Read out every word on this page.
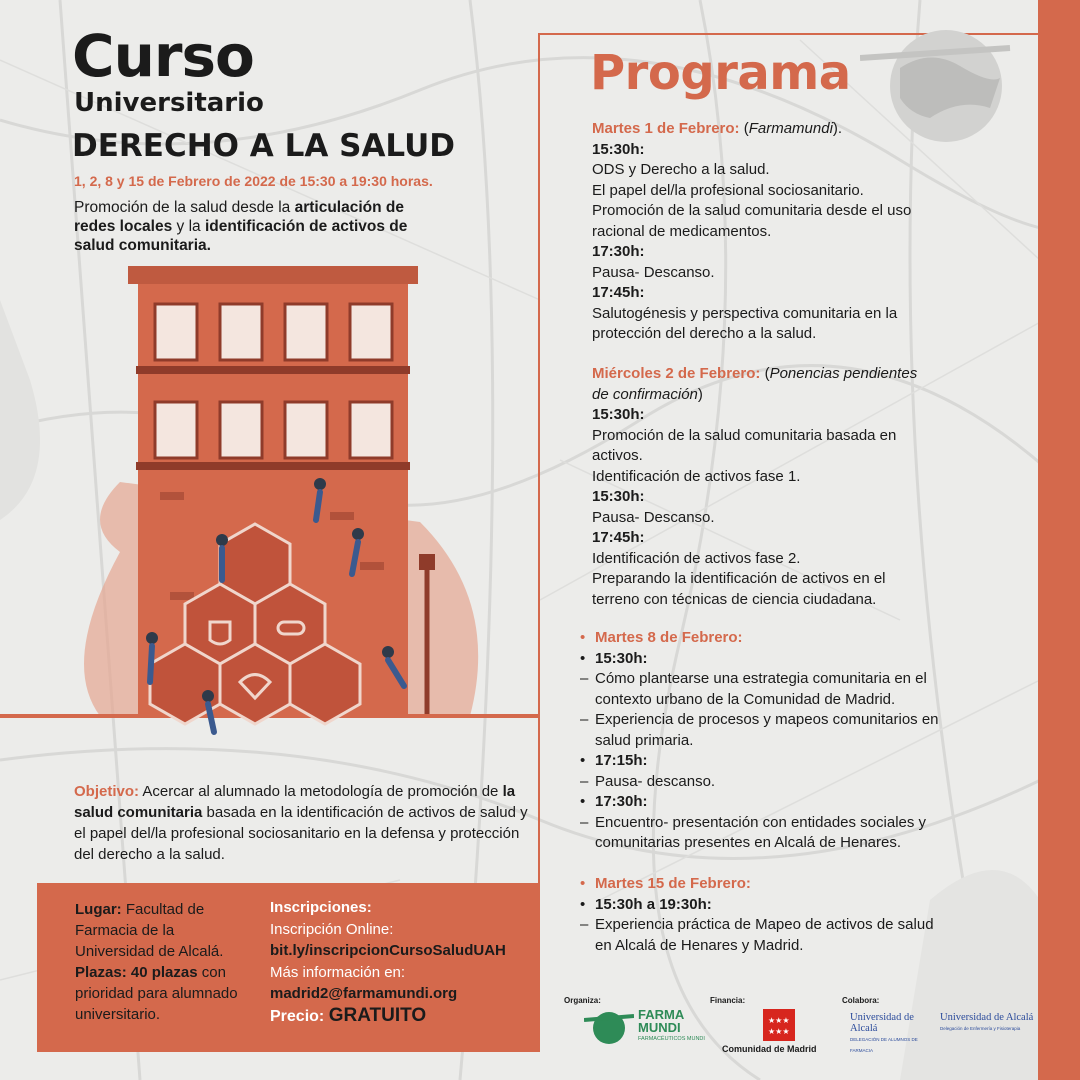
Curso
Universitario
DERECHO A LA SALUD
1, 2, 8 y 15 de Febrero de 2022 de 15:30 a 19:30 horas.
Promoción de la salud desde la articulación de redes locales y la identificación de activos de salud comunitaria.
Objetivo: Acercar al alumnado la metodología de promoción de la salud comunitaria basada en la identificación de activos de salud y el papel del/la profesional sociosanitario en la defensa y protección del derecho a la salud.
Lugar: Facultad de Farmacia de la Universidad de Alcalá.
Plazas: 40 plazas con prioridad para alumnado universitario.
Inscripciones:
Inscripción Online:
bit.ly/inscripcionCursoSaludUAH
Más información en:
madrid2@farmamundi.org
Precio: GRATUITO
Programa
Martes 1 de Febrero: (Farmamundi).
15:30h:
ODS y Derecho a la salud.
El papel del/la profesional sociosanitario.
Promoción de la salud comunitaria desde el uso
racional de medicamentos.
17:30h:
Pausa- Descanso.
17:45h:
Salutogénesis y perspectiva comunitaria en la
protección del derecho a la salud.
Miércoles 2 de Febrero: (Ponencias pendientes
de confirmación)
15:30h:
Promoción de la salud comunitaria basada en
activos.
Identificación de activos fase 1.
15:30h:
Pausa- Descanso.
17:45h:
Identificación de activos fase 2.
Preparando la identificación de activos en el
terreno con técnicas de ciencia ciudadana.
• Martes 8 de Febrero:
• 15:30h:
– Cómo plantearse una estrategia comunitaria en el
contexto urbano de la Comunidad de Madrid.
– Experiencia de procesos y mapeos comunitarios en
salud primaria.
• 17:15h:
– Pausa- descanso.
• 17:30h:
– Encuentro- presentación con entidades sociales y
comunitarias presentes en Alcalá de Henares.
• Martes 15 de Febrero:
• 15:30h a 19:30h:
– Experiencia práctica de Mapeo de activos de salud
en Alcalá de Henares y Madrid.
Organiza:	Financia:	Colabora:
FARMA
MUNDI
FARMACÉUTICOS MUNDI
★★★
★★★
Comunidad de Madrid
Universidad de Alcalá
DELEGACIÓN DE ALUMNOS DE FARMACIA
Universidad de Alcalá
Delegación de Enfermería y Fisioterapia
